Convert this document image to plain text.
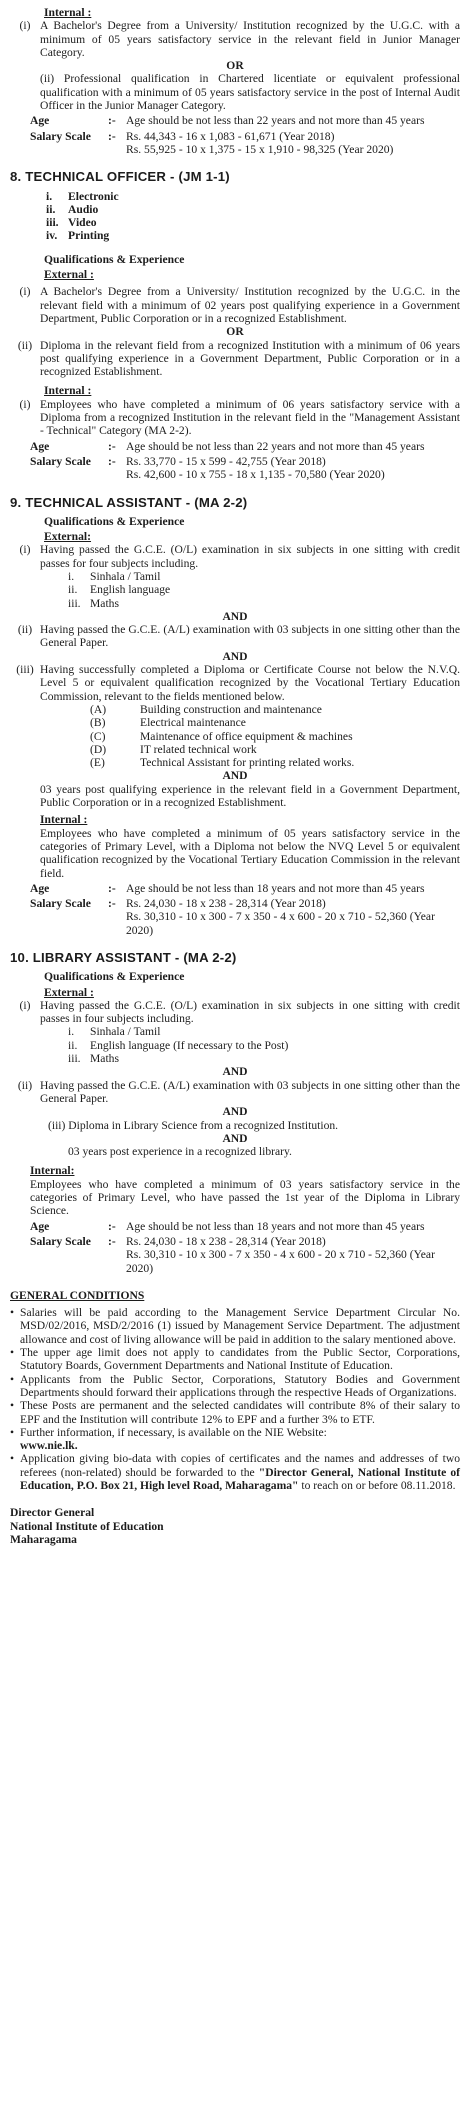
Internal :
(i) A Bachelor's Degree from a University/ Institution recognized by the U.G.C. with a minimum of 05 years satisfactory service in the relevant field in Junior Manager Category.
OR
(ii) Professional qualification in Chartered licentiate or equivalent professional qualification with a minimum of 05 years satisfactory service in the post of Internal Audit Officer in the Junior Manager Category.
Age	:- Age should be not less than 22 years and not more than 45 years
Salary Scale	:- Rs. 44,343 - 16 x 1,083 - 61,671 (Year 2018)
Rs. 55,925 - 10 x 1,375 - 15 x 1,910 - 98,325 (Year 2020)
8. TECHNICAL OFFICER - (JM 1-1)
i.	Electronic
ii.	Audio
iii. Video
iv. Printing
Qualifications & Experience
External :
(i) A Bachelor's Degree from a University/ Institution recognized by the U.G.C. in the relevant field with a minimum of 02 years post qualifying experience in a Government Department, Public Corporation or in a recognized Establishment.
OR
(ii) Diploma in the relevant field from a recognized Institution with a minimum of 06 years post qualifying experience in a Government Department, Public Corporation or in a recognized Establishment.
Internal :
(i) Employees who have completed a minimum of 06 years satisfactory service with a Diploma from a recognized Institution in the relevant field in the "Management Assistant - Technical" Category (MA 2-2).
Age	:- Age should be not less than 22 years and not more than 45 years
Salary Scale	:- Rs. 33,770 - 15 x 599 - 42,755 (Year 2018)
Rs. 42,600 - 10 x 755 - 18 x 1,135 - 70,580 (Year 2020)
9. TECHNICAL ASSISTANT - (MA 2-2)
Qualifications & Experience
External:
(i) Having passed the G.C.E. (O/L) examination in six subjects in one sitting with credit passes for four subjects including.
i.	Sinhala / Tamil
ii.	English language
iii. Maths
AND
(ii) Having passed the G.C.E. (A/L) examination with 03 subjects in one sitting other than the General Paper.
AND
(iii) Having successfully completed a Diploma or Certificate Course not below the N.V.Q. Level 5 or equivalent qualification recognized by the Vocational Tertiary Education Commission, relevant to the fields mentioned below.
(A)	Building construction and maintenance
(B)	Electrical maintenance
(C)	Maintenance of office equipment & machines
(D)	IT related technical work
(E)	Technical Assistant for printing related works.
AND
03 years post qualifying experience in the relevant field in a Government Department, Public Corporation or in a recognized Establishment.
Internal :
Employees who have completed a minimum of 05 years satisfactory service in the categories of Primary Level, with a Diploma not below the NVQ Level 5 or equivalent qualification recognized by the Vocational Tertiary Education Commission in the relevant field.
Age	:- Age should be not less than 18 years and not more than 45 years
Salary Scale	:- Rs. 24,030 - 18 x 238 - 28,314 (Year 2018)
Rs. 30,310 - 10 x 300 - 7 x 350 - 4 x 600 - 20 x 710 - 52,360 (Year 2020)
10. LIBRARY ASSISTANT - (MA 2-2)
Qualifications & Experience
External :
(i) Having passed the G.C.E. (O/L) examination in six subjects in one sitting with credit passes in four subjects including.
i.	Sinhala / Tamil
ii.	English language (If necessary to the Post)
iii. Maths
AND
(ii) Having passed the G.C.E. (A/L) examination with 03 subjects in one sitting other than the General Paper.
AND
(iii) Diploma in Library Science from a recognized Institution.
AND
03 years post experience in a recognized library.
Internal:
Employees who have completed a minimum of 03 years satisfactory service in the categories of Primary Level, who have passed the 1st year of the Diploma in Library Science.
Age	:- Age should be not less than 18 years and not more than 45 years
Salary Scale	:- Rs. 24,030 - 18 x 238 - 28,314 (Year 2018)
Rs. 30,310 - 10 x 300 - 7 x 350 - 4 x 600 - 20 x 710 - 52,360 (Year 2020)
GENERAL CONDITIONS
• Salaries will be paid according to the Management Service Department Circular No. MSD/02/2016, MSD/2/2016 (1) issued by Management Service Department. The adjustment allowance and cost of living allowance will be paid in addition to the salary mentioned above.
• The upper age limit does not apply to candidates from the Public Sector, Corporations, Statutory Boards, Government Departments and National Institute of Education.
• Applicants from the Public Sector, Corporations, Statutory Bodies and Government Departments should forward their applications through the respective Heads of Organizations.
• These Posts are permanent and the selected candidates will contribute 8% of their salary to EPF and the Institution will contribute 12% to EPF and a further 3% to ETF.
• Further information, if necessary, is available on the NIE Website:
www.nie.lk.
• Application giving bio-data with copies of certificates and the names and addresses of two referees (non-related) should be forwarded to the "Director General, National Institute of Education, P.O. Box 21, High level Road, Maharagama" to reach on or before 08.11.2018.
Director General
National Institute of Education
Maharagama
